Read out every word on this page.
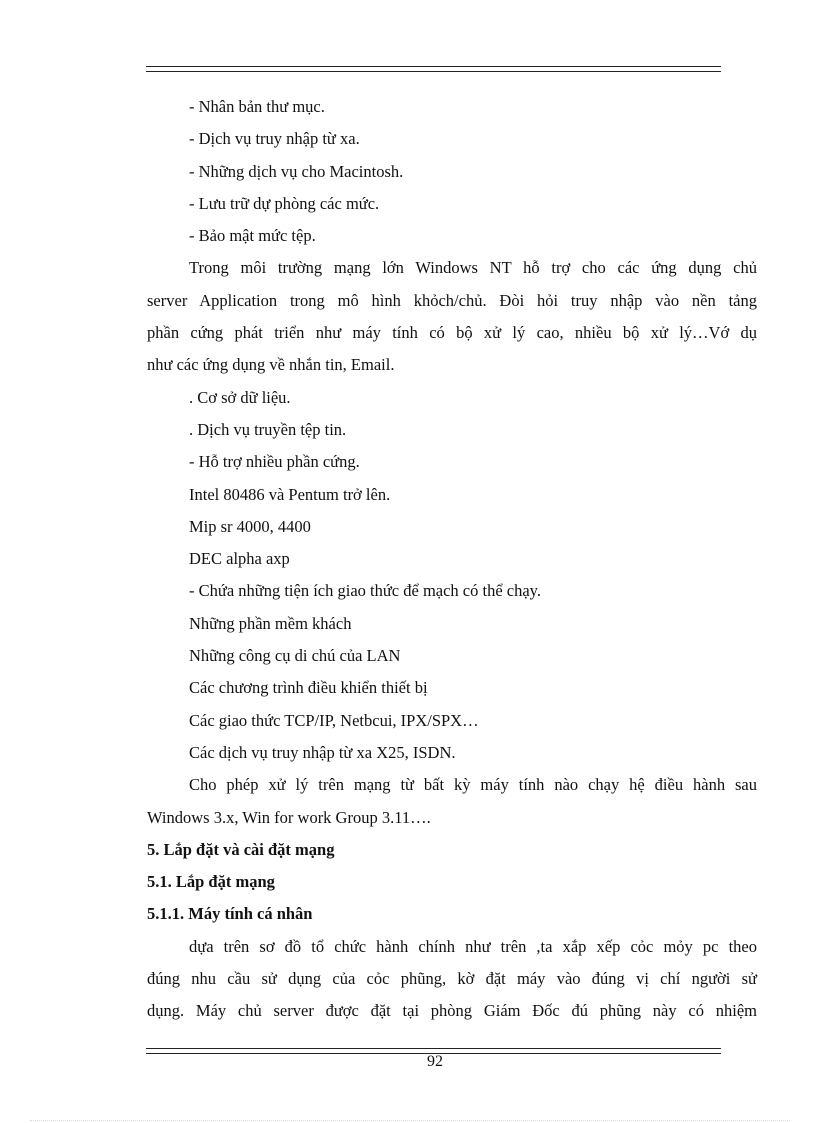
- Nhân bản thư mục.
- Dịch vụ truy nhập từ xa.
- Những dịch vụ cho Macintosh.
- Lưu trữ dự phòng các mức.
- Bảo mật mức tệp.
Trong môi trường mạng lớn Windows NT hỗ trợ cho các ứng dụng chủ
server Application trong mô hình khỏch/chủ. Đòi hỏi truy nhập vào nền tảng
phần cứng phát triển như máy tính có bộ xử lý cao, nhiều bộ xử lý…Vớ dụ
như các ứng dụng về nhắn tin, Email.
. Cơ sở dữ liệu.
. Dịch vụ truyền tệp tin.
- Hỗ trợ nhiều phần cứng.
Intel 80486 và Pentum trở lên.
Mip sr 4000, 4400
DEC alpha axp
- Chứa những tiện ích giao thức để mạch có thể chạy.
Những phần mềm khách
Những công cụ di chú của LAN
Các chương trình điều khiển thiết bị
Các giao thức TCP/IP, Netbcui, IPX/SPX…
Các dịch vụ truy nhập từ xa X25, ISDN.
Cho phép xử lý trên mạng từ bất kỳ máy tính nào chạy hệ điều hành sau
Windows 3.x, Win for work Group 3.11….
5. Lắp đặt và cài đặt mạng
5.1. Lắp đặt mạng
5.1.1. Máy tính cá nhân
dựa trên sơ đồ tổ chức hành chính như trên ,ta xắp xếp cỏc mỏy pc theo
đúng nhu cầu sử dụng của cỏc phũng, kờ đặt máy vào đúng vị chí người sử
dụng. Máy chủ server được đặt tại phòng Giám Đốc đú phũng này có nhiệm
92
